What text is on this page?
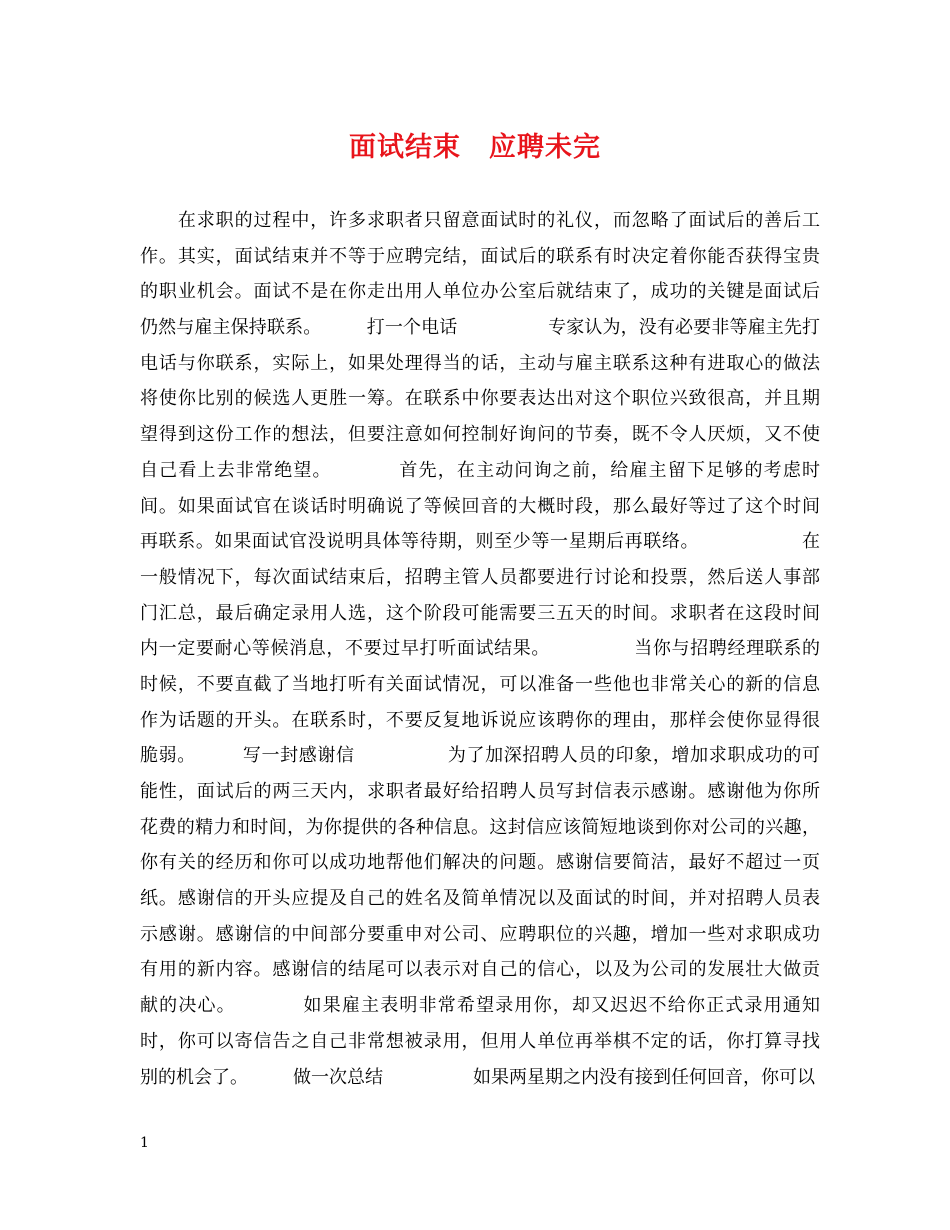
面试结束　应聘未完
　　在求职的过程中，许多求职者只留意面试时的礼仪，而忽略了面试后的善后工
作。其实，面试结束并不等于应聘完结，面试后的联系有时决定着你能否获得宝贵
的职业机会。面试不是在你走出用人单位办公室后就结束了，成功的关键是面试后
仍然与雇主保持联系。　　　打一个电话　　　　　专家认为，没有必要非等雇主先打
电话与你联系，实际上，如果处理得当的话，主动与雇主联系这种有进取心的做法
将使你比别的候选人更胜一筹。在联系中你要表达出对这个职位兴致很高，并且期
望得到这份工作的想法，但要注意如何控制好询问的节奏，既不令人厌烦，又不使
自己看上去非常绝望。　　　　首先，在主动问询之前，给雇主留下足够的考虑时
间。如果面试官在谈话时明确说了等候回音的大概时段，那么最好等过了这个时间
再联系。如果面试官没说明具体等待期，则至少等一星期后再联络。　　　　　　在
一般情况下，每次面试结束后，招聘主管人员都要进行讨论和投票，然后送人事部
门汇总，最后确定录用人选，这个阶段可能需要三五天的时间。求职者在这段时间
内一定要耐心等候消息，不要过早打听面试结果。　　　　　当你与招聘经理联系的
时候，不要直截了当地打听有关面试情况，可以准备一些他也非常关心的新的信息
作为话题的开头。在联系时，不要反复地诉说应该聘你的理由，那样会使你显得很
脆弱。　　　写一封感谢信　　　　　为了加深招聘人员的印象，增加求职成功的可
能性，面试后的两三天内，求职者最好给招聘人员写封信表示感谢。感谢他为你所
花费的精力和时间，为你提供的各种信息。这封信应该简短地谈到你对公司的兴趣，
你有关的经历和你可以成功地帮他们解决的问题。感谢信要简洁，最好不超过一页
纸。感谢信的开头应提及自己的姓名及简单情况以及面试的时间，并对招聘人员表
示感谢。感谢信的中间部分要重申对公司、应聘职位的兴趣，增加一些对求职成功
有用的新内容。感谢信的结尾可以表示对自己的信心，以及为公司的发展壮大做贡
献的决心。　　　　如果雇主表明非常希望录用你，却又迟迟不给你正式录用通知
时，你可以寄信告之自己非常想被录用，但用人单位再举棋不定的话，你打算寻找
别的机会了。　　　做一次总结　　　　　如果两星期之内没有接到任何回音，你可以
1
